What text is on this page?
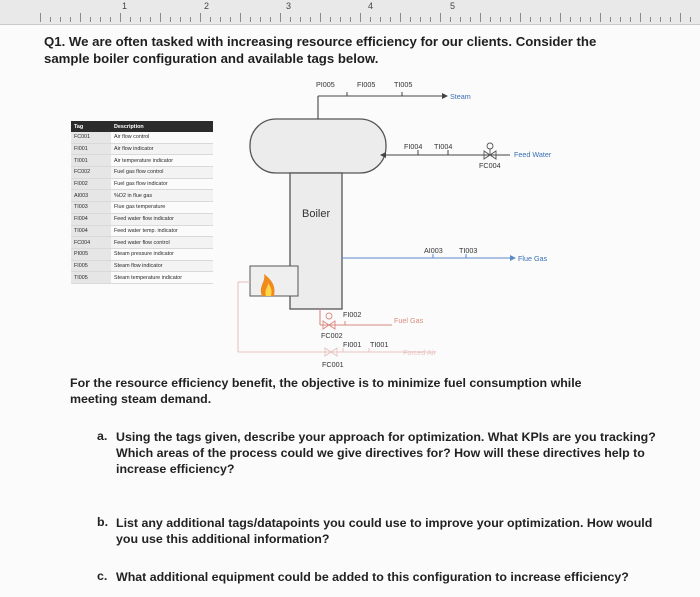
1	2	3	4	5
Q1. We are often tasked with increasing resource efficiency for our clients. Consider the sample boiler configuration and available tags below.
Tag	Description
FC001	Air flow control
FI001	Air flow indicator
TI001	Air temperature indicator
FC002	Fuel gas flow control
FI002	Fuel gas flow indicator
AI003	%O2 in flue gas
TI003	Flue gas temperature
FI004	Feed water flow indicator
TI004	Feed water temp. indicator
FC004	Feed water flow control
PI005	Steam pressure indicator
FI005	Steam flow indicator
TI005	Steam temperature indicator
PI005	FI005	TI005
Steam
FI004 TI004
Feed Water
FC004
Boiler
AI003 TI003
Flue Gas
FI002
Fuel Gas
FC002
FI001 TI001
Forced Air
FC001
For the resource efficiency benefit, the objective is to minimize fuel consumption while meeting steam demand.
a. Using the tags given, describe your approach for optimization. What KPIs are you tracking? Which areas of the process could we give directives for? How will these directives help to increase efficiency?
b. List any additional tags/datapoints you could use to improve your optimization. How would you use this additional information?
c. What additional equipment could be added to this configuration to increase efficiency?
